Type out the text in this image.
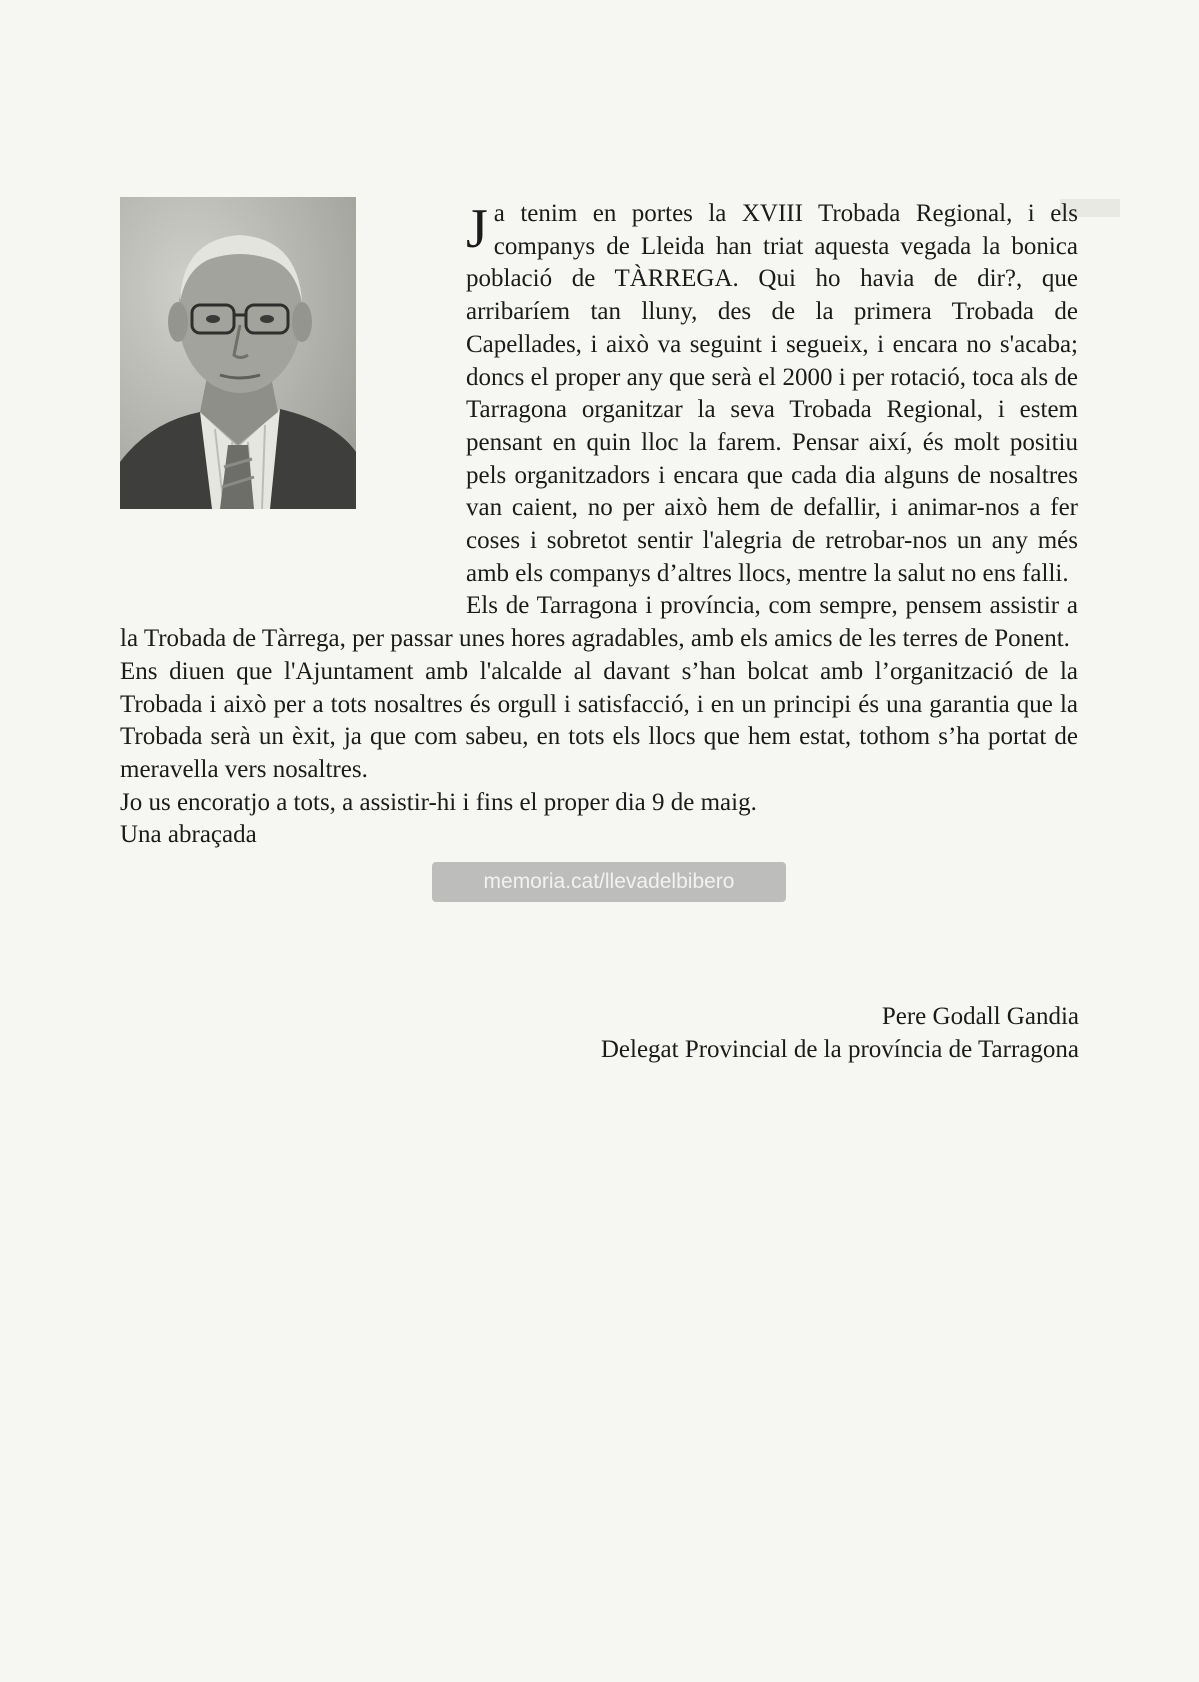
▬

Ja tenim en portes la XVIII Trobada Regional, i els companys de Lleida han triat aquesta vegada la bonica població de TÀRREGA. Qui ho havia de dir?, que arribaríem tan lluny, des de la primera Trobada de Capellades, i això va seguint i segueix, i encara no s'acaba; doncs el proper any que serà el 2000 i per rotació, toca als de Tarragona organitzar la seva Trobada Regional, i estem pensant en quin lloc la farem. Pensar així, és molt positiu pels organitzadors i encara que cada dia alguns de nosaltres van caient, no per això hem de defallir, i animar-nos a fer coses i sobretot sentir l'alegria de retrobar-nos un any més amb els companys d’altres llocs, mentre la salut no ens falli.

Els de Tarragona i província, com sempre, pensem assistir a la Trobada de Tàrrega, per passar unes hores agradables, amb els amics de les terres de Ponent.

Ens diuen que l'Ajuntament amb l'alcalde al davant s’han bolcat amb l’organització de la Trobada i això per a tots nosaltres és orgull i satisfacció, i en un principi és una garantia que la Trobada serà un èxit, ja que com sabeu, en tots els llocs que hem estat, tothom s’ha portat de meravella vers nosaltres.

Jo us encoratjo a tots, a assistir-hi i fins el proper dia 9 de maig.

Una abraçada

Pere Godall Gandia
Delegat Provincial de la província de Tarragona
memoria.cat/llevadelbibero
